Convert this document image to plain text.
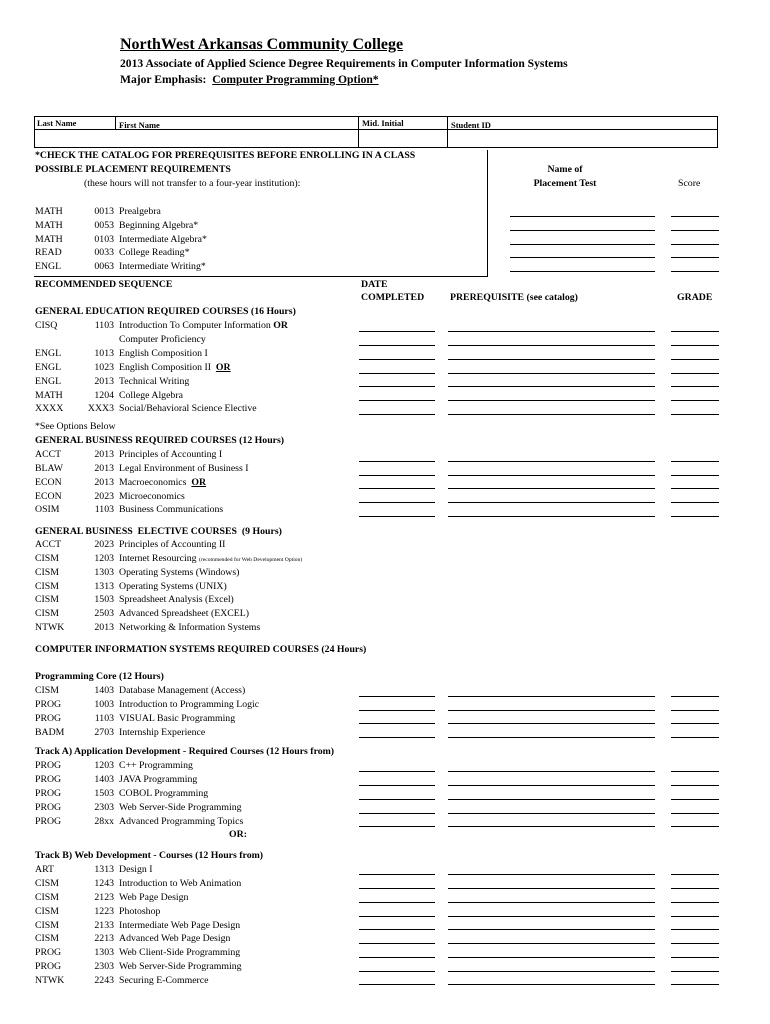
NorthWest Arkansas Community College
2013 Associate of Applied Science Degree Requirements in Computer Information Systems
Major Emphasis: Computer Programming Option*
Last Name	First Name	Mid. Initial	Student ID
*CHECK THE CATALOG FOR PREREQUISITES BEFORE ENROLLING IN A CLASS
POSSIBLE PLACEMENT REQUIREMENTS
(these hours will not transfer to a four-year institution):
Name of
Placement Test	Score
MATH	0013 Prealgebra
MATH	0053 Beginning Algebra*
MATH	0103 Intermediate Algebra*
READ	0033 College Reading*
ENGL	0063 Intermediate Writing*
RECOMMENDED SEQUENCE	DATE
COMPLETED	PREREQUISITE (see catalog)	GRADE
GENERAL EDUCATION REQUIRED COURSES (16 Hours)
CISQ	1103 Introduction To Computer Information OR
Computer Proficiency
ENGL	1013 English Composition I
ENGL	1023 English Composition II OR
ENGL	2013 Technical Writing
MATH	1204 College Algebra
XXXX	XXX3 Social/Behavioral Science Elective
*See Options Below
GENERAL BUSINESS REQUIRED COURSES (12 Hours)
ACCT	2013 Principles of Accounting I
BLAW	2013 Legal Environment of Business I
ECON	2013 Macroeconomics OR
ECON	2023 Microeconomics
OSIM	1103 Business Communications
GENERAL BUSINESS  ELECTIVE COURSES  (9 Hours)
ACCT	2023 Principles of Accounting II
CISM	1203 Internet Resourcing (recommended for Web Development Option)
CISM	1303 Operating Systems (Windows)
CISM	1313 Operating Systems (UNIX)
CISM	1503 Spreadsheet Analysis (Excel)
CISM	2503 Advanced Spreadsheet (EXCEL)
NTWK	2013 Networking & Information Systems
COMPUTER INFORMATION SYSTEMS REQUIRED COURSES (24 Hours)
Programming Core (12 Hours)
CISM	1403 Database Management (Access)
PROG	1003 Introduction to Programming Logic
PROG	1103 VISUAL Basic Programming
BADM	2703 Internship Experience
Track A) Application Development - Required Courses (12 Hours from)
PROG	1203 C++ Programming
PROG	1403 JAVA Programming
PROG	1503 COBOL Programming
PROG	2303 Web Server-Side Programming
PROG	28xx Advanced Programming Topics
OR:
Track B) Web Development - Courses (12 Hours from)
ART	1313 Design I
CISM	1243 Introduction to Web Animation
CISM	2123 Web Page Design
CISM	1223 Photoshop
CISM	2133 Intermediate Web Page Design
CISM	2213 Advanced Web Page Design
PROG	1303 Web Client-Side Programming
PROG	2303 Web Server-Side Programming
NTWK	2243 Securing E-Commerce
